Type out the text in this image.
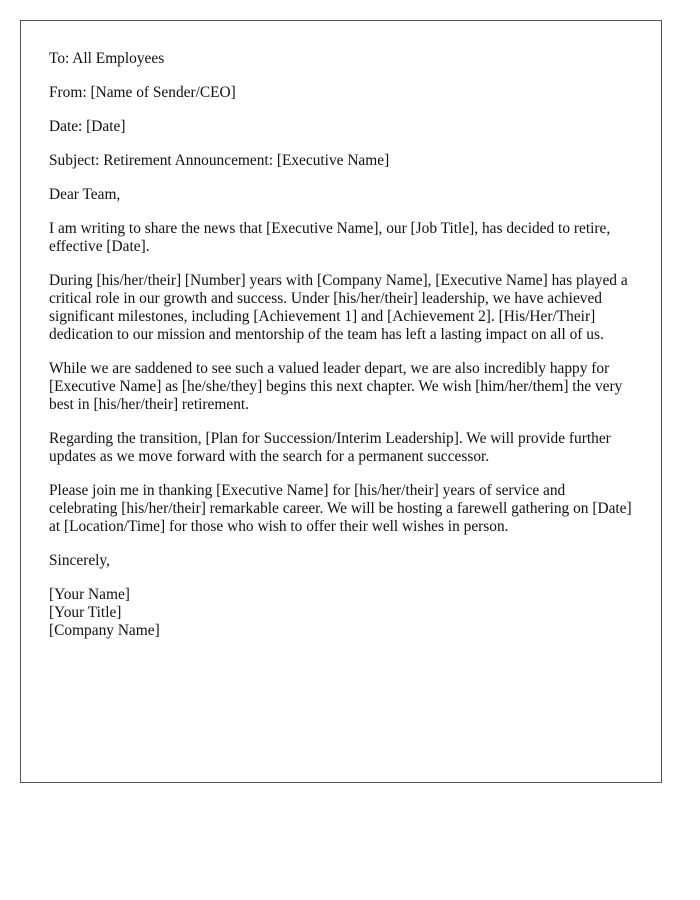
To: All Employees

From: [Name of Sender/CEO]

Date: [Date]

Subject: Retirement Announcement: [Executive Name]

Dear Team,

I am writing to share the news that [Executive Name], our [Job Title], has decided to retire, effective [Date].

During [his/her/their] [Number] years with [Company Name], [Executive Name] has played a critical role in our growth and success. Under [his/her/their] leadership, we have achieved significant milestones, including [Achievement 1] and [Achievement 2]. [His/Her/Their] dedication to our mission and mentorship of the team has left a lasting impact on all of us.

While we are saddened to see such a valued leader depart, we are also incredibly happy for [Executive Name] as [he/she/they] begins this next chapter. We wish [him/her/them] the very best in [his/her/their] retirement.

Regarding the transition, [Plan for Succession/Interim Leadership]. We will provide further updates as we move forward with the search for a permanent successor.

Please join me in thanking [Executive Name] for [his/her/their] years of service and celebrating [his/her/their] remarkable career. We will be hosting a farewell gathering on [Date] at [Location/Time] for those who wish to offer their well wishes in person.

Sincerely,

[Your Name]
[Your Title]
[Company Name]
